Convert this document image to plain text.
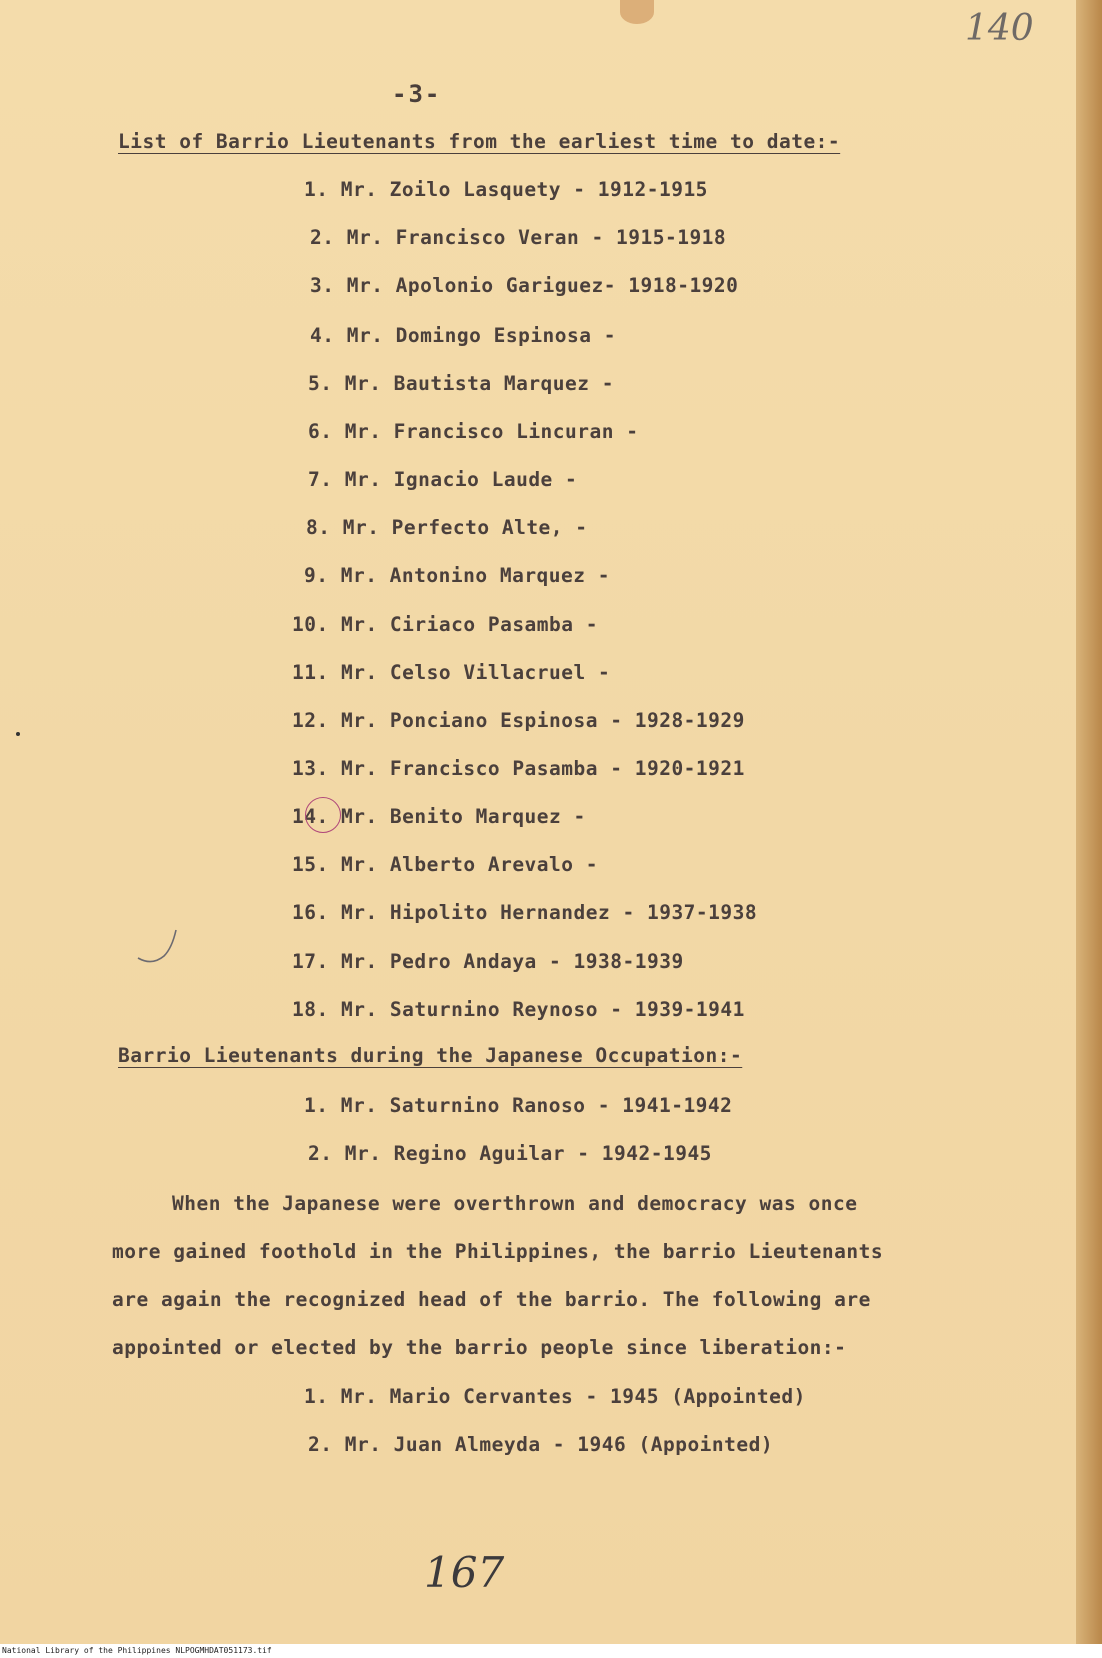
140
-3-
List of Barrio Lieutenants from the earliest time to date:-
1. Mr. Zoilo Lasquety - 1912-1915
2. Mr. Francisco Veran - 1915-1918
3. Mr. Apolonio Gariguez- 1918-1920
4. Mr. Domingo Espinosa -
5. Mr. Bautista Marquez -
6. Mr. Francisco Lincuran -
7. Mr. Ignacio Laude -
8. Mr. Perfecto Alte, -
9. Mr. Antonino Marquez -
10. Mr. Ciriaco Pasamba -
11. Mr. Celso Villacruel -
12. Mr. Ponciano Espinosa - 1928-1929
13. Mr. Francisco Pasamba - 1920-1921
14. Mr. Benito Marquez -
15. Mr. Alberto Arevalo -
16. Mr. Hipolito Hernandez - 1937-1938
17. Mr. Pedro Andaya - 1938-1939
18. Mr. Saturnino Reynoso - 1939-1941
Barrio Lieutenants during the Japanese Occupation:-
1. Mr. Saturnino Ranoso - 1941-1942
2. Mr. Regino Aguilar - 1942-1945
When the Japanese were overthrown and democracy was once
more gained foothold in the Philippines, the barrio Lieutenants
are again the recognized head of the barrio. The following are
appointed or elected by the barrio people since liberation:-
1. Mr. Mario Cervantes - 1945 (Appointed)
2. Mr. Juan Almeyda - 1946 (Appointed)
167
National Library of the Philippines NLPOGMHDAT051173.tif
